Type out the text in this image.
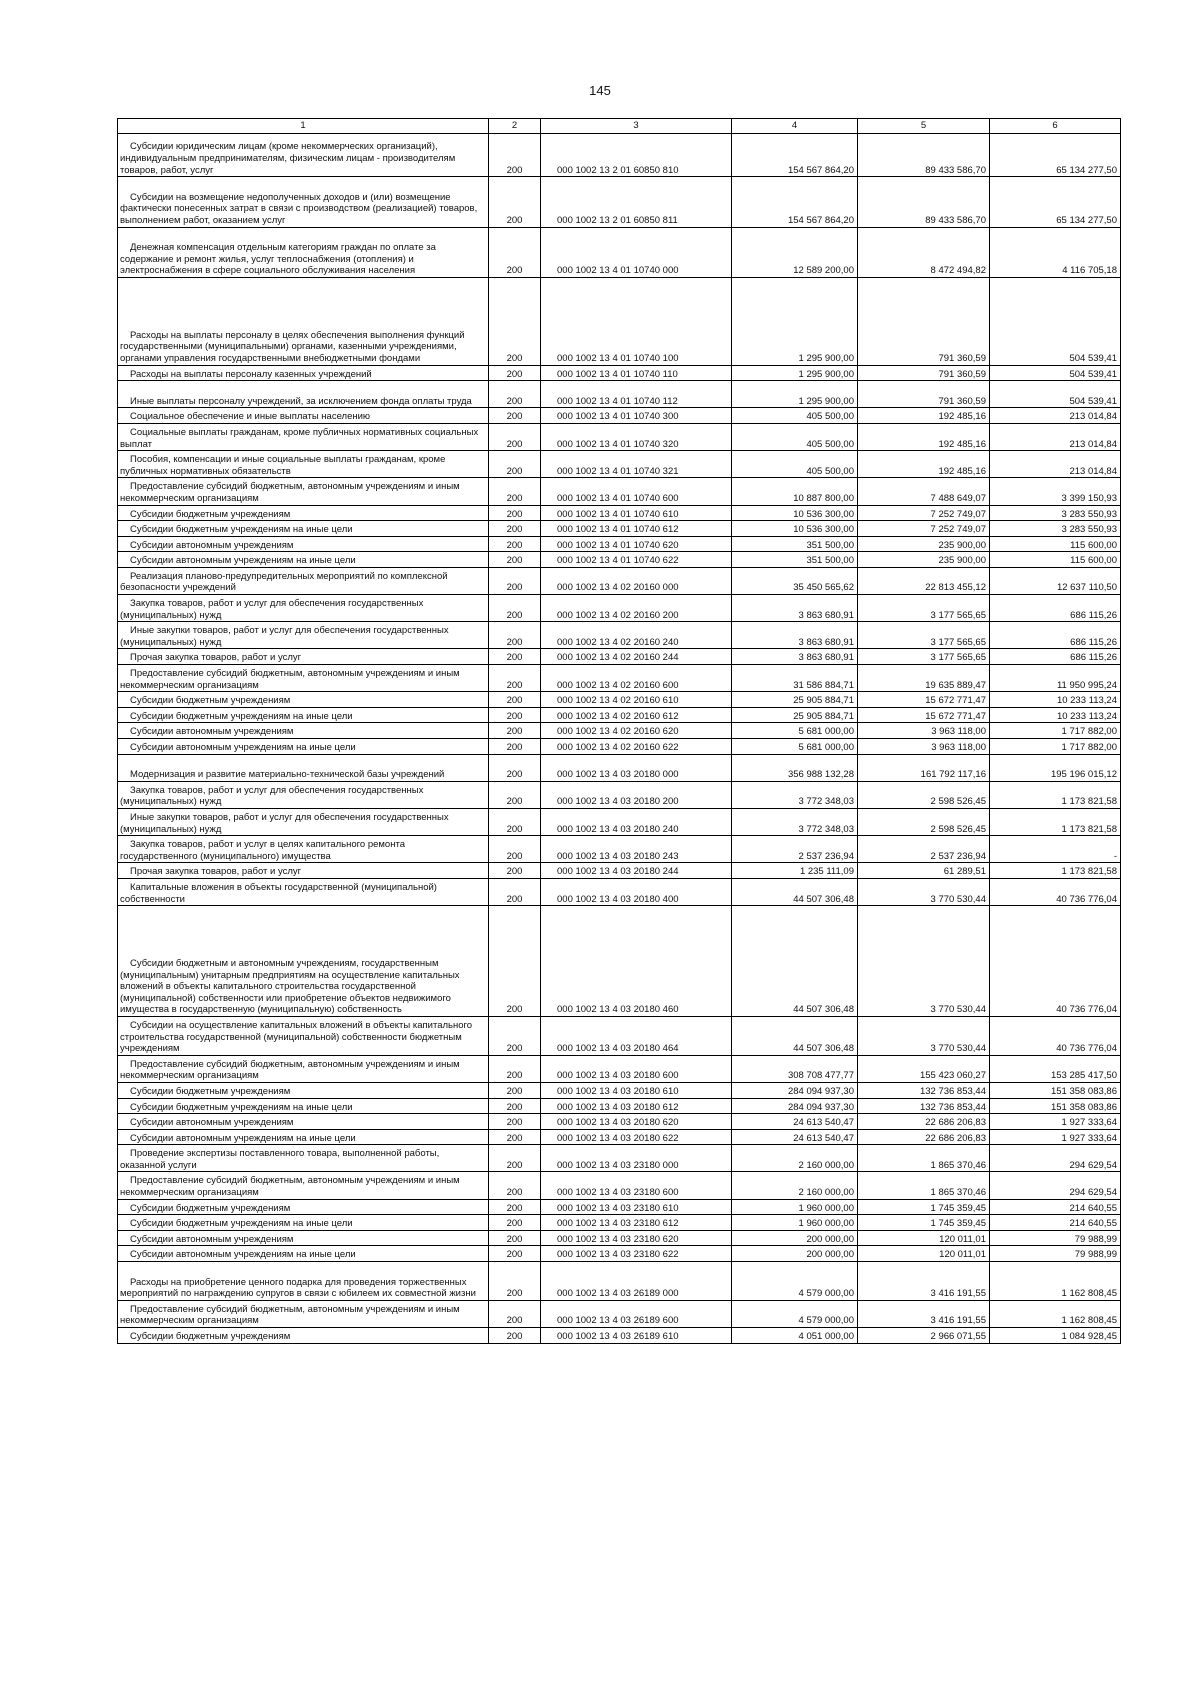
145
1	2	3	4	5	6

Субсидии юридическим лицам (кроме некоммерческих организаций), индивидуальным предпринимателям, физическим лицам - производителям товаров, работ, услуг	200	000 1002 13 2 01 60850 810	154 567 864,20	89 433 586,70	65 134 277,50

Субсидии на возмещение недополученных доходов и (или) возмещение фактически понесенных затрат в связи с производством (реализацией) товаров, выполнением работ, оказанием услуг	200	000 1002 13 2 01 60850 811	154 567 864,20	89 433 586,70	65 134 277,50

Денежная компенсация отдельным категориям граждан по оплате за содержание и ремонт жилья, услуг теплоснабжения (отопления) и электроснабжения в сфере социального обслуживания населения	200	000 1002 13 4 01 10740 000	12 589 200,00	8 472 494,82	4 116 705,18

Расходы на выплаты персоналу в целях обеспечения выполнения функций государственными (муниципальными) органами, казенными учреждениями, органами управления государственными внебюджетными фондами	200	000 1002 13 4 01 10740 100	1 295 900,00	791 360,59	504 539,41

Расходы на выплаты персоналу казенных учреждений	200	000 1002 13 4 01 10740 110	1 295 900,00	791 360,59	504 539,41

Иные выплаты персоналу учреждений, за исключением фонда оплаты труда	200	000 1002 13 4 01 10740 112	1 295 900,00	791 360,59	504 539,41

Социальное обеспечение и иные выплаты населению	200	000 1002 13 4 01 10740 300	405 500,00	192 485,16	213 014,84

Социальные выплаты гражданам, кроме публичных нормативных социальных выплат	200	000 1002 13 4 01 10740 320	405 500,00	192 485,16	213 014,84

Пособия, компенсации и иные социальные выплаты гражданам, кроме публичных нормативных обязательств	200	000 1002 13 4 01 10740 321	405 500,00	192 485,16	213 014,84

Предоставление субсидий бюджетным, автономным учреждениям и иным некоммерческим организациям	200	000 1002 13 4 01 10740 600	10 887 800,00	7 488 649,07	3 399 150,93

Субсидии бюджетным учреждениям	200	000 1002 13 4 01 10740 610	10 536 300,00	7 252 749,07	3 283 550,93

Субсидии бюджетным учреждениям на иные цели	200	000 1002 13 4 01 10740 612	10 536 300,00	7 252 749,07	3 283 550,93

Субсидии автономным учреждениям	200	000 1002 13 4 01 10740 620	351 500,00	235 900,00	115 600,00

Субсидии автономным учреждениям на иные цели	200	000 1002 13 4 01 10740 622	351 500,00	235 900,00	115 600,00

Реализация планово-предупредительных мероприятий по комплексной безопасности учреждений	200	000 1002 13 4 02 20160 000	35 450 565,62	22 813 455,12	12 637 110,50

Закупка товаров, работ и услуг для обеспечения государственных (муниципальных) нужд	200	000 1002 13 4 02 20160 200	3 863 680,91	3 177 565,65	686 115,26

Иные закупки товаров, работ и услуг для обеспечения государственных (муниципальных) нужд	200	000 1002 13 4 02 20160 240	3 863 680,91	3 177 565,65	686 115,26

Прочая закупка товаров, работ и услуг	200	000 1002 13 4 02 20160 244	3 863 680,91	3 177 565,65	686 115,26

Предоставление субсидий бюджетным, автономным учреждениям и иным некоммерческим организациям	200	000 1002 13 4 02 20160 600	31 586 884,71	19 635 889,47	11 950 995,24

Субсидии бюджетным учреждениям	200	000 1002 13 4 02 20160 610	25 905 884,71	15 672 771,47	10 233 113,24

Субсидии бюджетным учреждениям на иные цели	200	000 1002 13 4 02 20160 612	25 905 884,71	15 672 771,47	10 233 113,24

Субсидии автономным учреждениям	200	000 1002 13 4 02 20160 620	5 681 000,00	3 963 118,00	1 717 882,00

Субсидии автономным учреждениям на иные цели	200	000 1002 13 4 02 20160 622	5 681 000,00	3 963 118,00	1 717 882,00

Модернизация и развитие материально-технической базы учреждений	200	000 1002 13 4 03 20180 000	356 988 132,28	161 792 117,16	195 196 015,12

Закупка товаров, работ и услуг для обеспечения государственных (муниципальных) нужд	200	000 1002 13 4 03 20180 200	3 772 348,03	2 598 526,45	1 173 821,58

Иные закупки товаров, работ и услуг для обеспечения государственных (муниципальных) нужд	200	000 1002 13 4 03 20180 240	3 772 348,03	2 598 526,45	1 173 821,58

Закупка товаров, работ и услуг в целях капитального ремонта государственного (муниципального) имущества	200	000 1002 13 4 03 20180 243	2 537 236,94	2 537 236,94	-

Прочая закупка товаров, работ и услуг	200	000 1002 13 4 03 20180 244	1 235 111,09	61 289,51	1 173 821,58

Капитальные вложения в объекты государственной (муниципальной) собственности	200	000 1002 13 4 03 20180 400	44 507 306,48	3 770 530,44	40 736 776,04

Субсидии бюджетным и автономным учреждениям, государственным (муниципальным) унитарным предприятиям на осуществление капитальных вложений в объекты капитального строительства государственной (муниципальной) собственности или приобретение объектов недвижимого имущества в государственную (муниципальную) собственность	200	000 1002 13 4 03 20180 460	44 507 306,48	3 770 530,44	40 736 776,04

Субсидии на осуществление капитальных вложений в объекты капитального строительства государственной (муниципальной) собственности бюджетным учреждениям	200	000 1002 13 4 03 20180 464	44 507 306,48	3 770 530,44	40 736 776,04

Предоставление субсидий бюджетным, автономным учреждениям и иным некоммерческим организациям	200	000 1002 13 4 03 20180 600	308 708 477,77	155 423 060,27	153 285 417,50

Субсидии бюджетным учреждениям	200	000 1002 13 4 03 20180 610	284 094 937,30	132 736 853,44	151 358 083,86

Субсидии бюджетным учреждениям на иные цели	200	000 1002 13 4 03 20180 612	284 094 937,30	132 736 853,44	151 358 083,86

Субсидии автономным учреждениям	200	000 1002 13 4 03 20180 620	24 613 540,47	22 686 206,83	1 927 333,64

Субсидии автономным учреждениям на иные цели	200	000 1002 13 4 03 20180 622	24 613 540,47	22 686 206,83	1 927 333,64

Проведение экспертизы поставленного товара, выполненной работы, оказанной услуги	200	000 1002 13 4 03 23180 000	2 160 000,00	1 865 370,46	294 629,54

Предоставление субсидий бюджетным, автономным учреждениям и иным некоммерческим организациям	200	000 1002 13 4 03 23180 600	2 160 000,00	1 865 370,46	294 629,54

Субсидии бюджетным учреждениям	200	000 1002 13 4 03 23180 610	1 960 000,00	1 745 359,45	214 640,55

Субсидии бюджетным учреждениям на иные цели	200	000 1002 13 4 03 23180 612	1 960 000,00	1 745 359,45	214 640,55

Субсидии автономным учреждениям	200	000 1002 13 4 03 23180 620	200 000,00	120 011,01	79 988,99

Субсидии автономным учреждениям на иные цели	200	000 1002 13 4 03 23180 622	200 000,00	120 011,01	79 988,99

Расходы на приобретение ценного подарка для проведения торжественных мероприятий по награждению супругов в связи с юбилеем их совместной жизни	200	000 1002 13 4 03 26189 000	4 579 000,00	3 416 191,55	1 162 808,45

Предоставление субсидий бюджетным, автономным учреждениям и иным некоммерческим организациям	200	000 1002 13 4 03 26189 600	4 579 000,00	3 416 191,55	1 162 808,45

Субсидии бюджетным учреждениям	200	000 1002 13 4 03 26189 610	4 051 000,00	2 966 071,55	1 084 928,45
